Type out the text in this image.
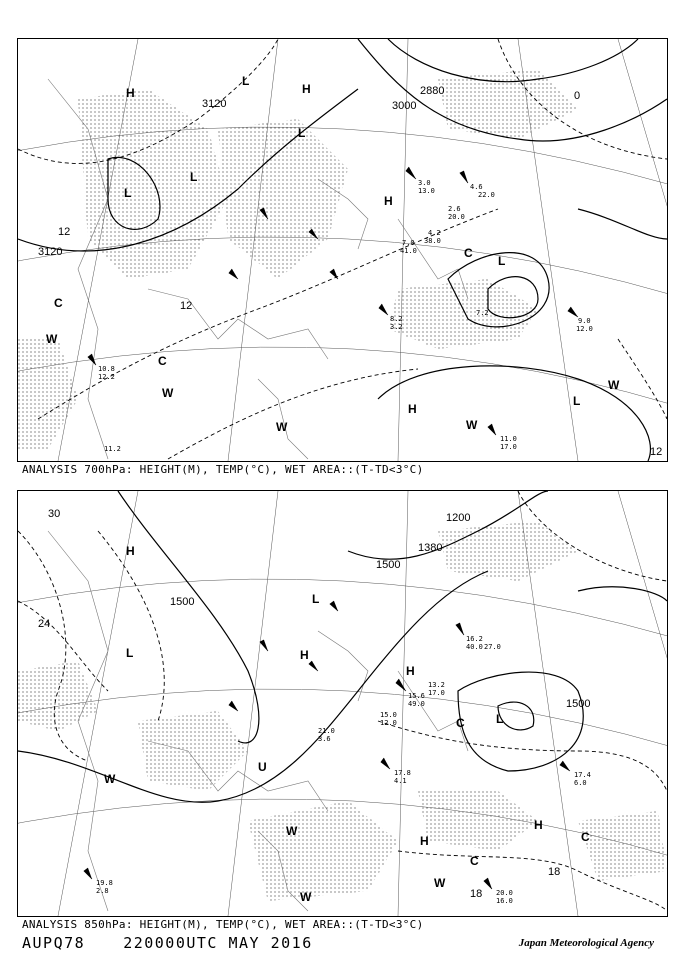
H
L
H
L
L
L
H
L
C
H
W
L
W
W
C
C
W
W
3120
3120
12
12
2880
3000
0
12
3.0
13.0
4.2
38.0
7.0
41.0
9.0
12.0
11.0
17.0
8.2
3.2
10.8
12.2
11.2
4.6
22.0
2.6
20.0
7.2
ANALYSIS 700hPa: HEIGHT(M), TEMP(°C), WET AREA::(T-TD<3°C)
H
L
L
H
H
L
C
W
U
H
C
W
C
W	H
W
1500
1500
1500
1380
30
24
18
18
1200
15.6
49.0
13.2
17.0
16.2
40.0 27.0
17.4
6.0
20.0
16.0
17.8
4.1
15.0
12.0
19.8
2.8
21.0
3.6
ANALYSIS 850hPa: HEIGHT(M), TEMP(°C), WET AREA::(T-TD<3°C)
AUPQ78	220000UTC MAY 2016	Japan Meteorological Agency
